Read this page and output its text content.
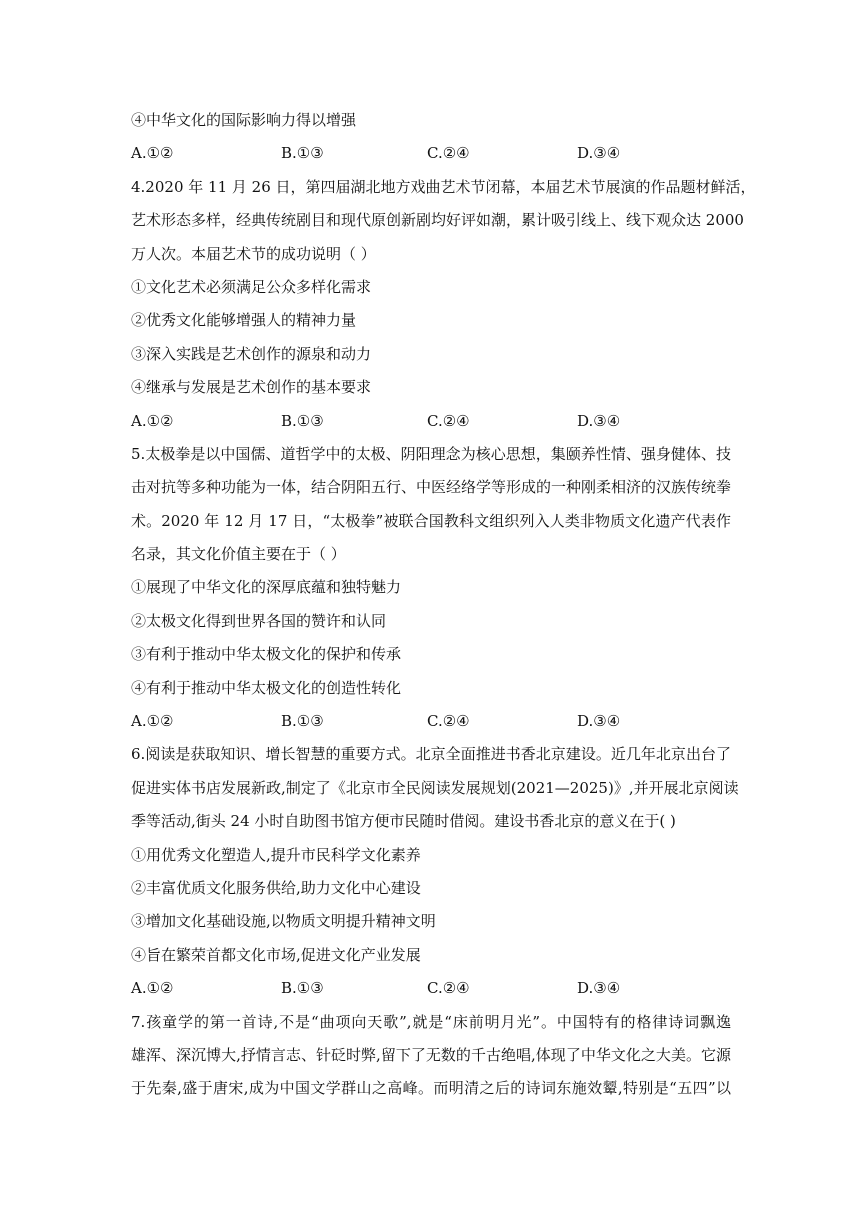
④中华文化的国际影响力得以增强
A.①②	B.①③	C.②④	D.③④
4.2020 年 11 月 26 日，第四届湖北地方戏曲艺术节闭幕，本届艺术节展演的作品题材鲜活，
艺术形态多样，经典传统剧目和现代原创新剧均好评如潮，累计吸引线上、线下观众达 2000
万人次。本届艺术节的成功说明（ ）
①文化艺术必须满足公众多样化需求
②优秀文化能够增强人的精神力量
③深入实践是艺术创作的源泉和动力
④继承与发展是艺术创作的基本要求
A.①②	B.①③	C.②④	D.③④
5.太极拳是以中国儒、道哲学中的太极、阴阳理念为核心思想，集颐养性情、强身健体、技
击对抗等多种功能为一体，结合阴阳五行、中医经络学等形成的一种刚柔相济的汉族传统拳
术。2020 年 12 月 17 日，“太极拳”被联合国教科文组织列入人类非物质文化遗产代表作
名录，其文化价值主要在于（ ）
①展现了中华文化的深厚底蕴和独特魅力
②太极文化得到世界各国的赞许和认同
③有利于推动中华太极文化的保护和传承
④有利于推动中华太极文化的创造性转化
A.①②	B.①③	C.②④	D.③④
6.阅读是获取知识、增长智慧的重要方式。北京全面推进书香北京建设。近几年北京出台了
促进实体书店发展新政,制定了《北京市全民阅读发展规划(2021—2025)》,并开展北京阅读
季等活动,街头 24 小时自助图书馆方便市民随时借阅。建设书香北京的意义在于( )
①用优秀文化塑造人,提升市民科学文化素养
②丰富优质文化服务供给,助力文化中心建设
③增加文化基础设施,以物质文明提升精神文明
④旨在繁荣首都文化市场,促进文化产业发展
A.①②	B.①③	C.②④	D.③④
7.孩童学的第一首诗,不是“曲项向天歌”,就是“床前明月光”。中国特有的格律诗词飘逸
雄浑、深沉博大,抒情言志、针砭时弊,留下了无数的千古绝唱,体现了中华文化之大美。它源
于先秦,盛于唐宋,成为中国文学群山之高峰。而明清之后的诗词东施效颦,特别是“五四”以
